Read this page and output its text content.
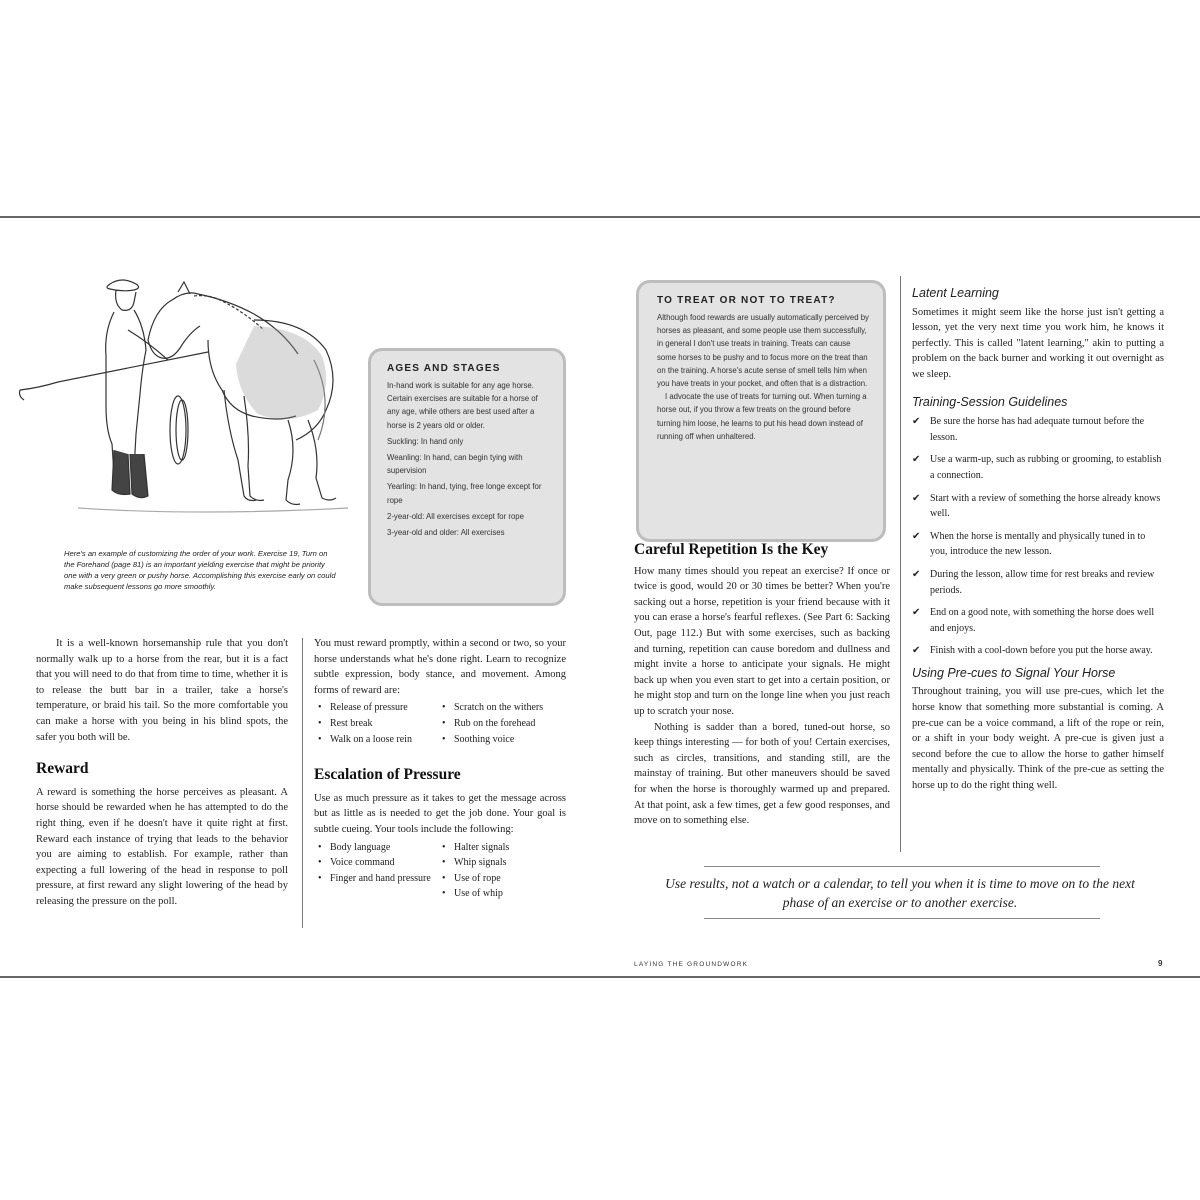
Here's an example of customizing the order of your work. Exercise 19, Turn on the Forehand (page 81) is an important yielding exercise that might be priority one with a very green or pushy horse. Accomplishing this exercise early on could make subsequent lessons go more smoothly.
AGES AND STAGES
In-hand work is suitable for any age horse. Certain exercises are suitable for a horse of any age, while others are best used after a horse is 2 years old or older.
Suckling: In hand only
Weanling: In hand, can begin tying with supervision
Yearling: In hand, tying, free longe except for rope
2-year-old: All exercises except for rope
3-year-old and older: All exercises

It is a well-known horsemanship rule that you don't normally walk up to a horse from the rear, but it is a fact that you will need to do that from time to time, whether it is to release the butt bar in a trailer, take a horse's temperature, or braid his tail. So the more comfortable you can make a horse with you being in his blind spots, the safer you both will be.

Reward

A reward is something the horse perceives as pleasant. A horse should be rewarded when he has attempted to do the right thing, even if he doesn't have it quite right at first. Reward each instance of trying that leads to the behavior you are aiming to establish. For example, rather than expecting a full lowering of the head in response to poll pressure, at first reward any slight lowering of the head by releasing the pressure on the poll.

You must reward promptly, within a second or two, so your horse understands what he's done right. Learn to recognize subtle expression, body stance, and movement. Among forms of reward are:

• Release of pressure
• Rest break
• Walk on a loose rein
• Scratch on the withers
• Rub on the forehead
• Soothing voice
Escalation of Pressure

Use as much pressure as it takes to get the message across but as little as is needed to get the job done. Your goal is subtle cueing. Your tools include the following:

• Body language
• Voice command
• Finger and hand pressure
• Halter signals
• Whip signals
• Use of rope
• Use of whip
TO TREAT OR NOT TO TREAT?
Although food rewards are usually automatically perceived by horses as pleasant, and some people use them successfully, in general I don't use treats in training. Treats can cause some horses to be pushy and to focus more on the treat than on the training. A horse's acute sense of smell tells him when you have treats in your pocket, and often that is a distraction.
I advocate the use of treats for turning out. When turning a horse out, if you throw a few treats on the ground before turning him loose, he learns to put his head down instead of running off when unhaltered.
Careful Repetition Is the Key

How many times should you repeat an exercise? If once or twice is good, would 20 or 30 times be better? When you're sacking out a horse, repetition is your friend because with it you can erase a horse's fearful reflexes. (See Part 6: Sacking Out, page 112.) But with some exercises, such as backing and turning, repetition can cause boredom and dullness and might invite a horse to anticipate your signals. He might back up when you even start to get into a certain position, or he might stop and turn on the longe line when you just reach up to scratch your nose.

Nothing is sadder than a bored, tuned-out horse, so keep things interesting — for both of you! Certain exercises, such as circles, transitions, and standing still, are the mainstay of training. But other maneuvers should be saved for when the horse is thoroughly warmed up and prepared. At that point, ask a few times, get a few good responses, and move on to something else.

Latent Learning

Sometimes it might seem like the horse just isn't getting a lesson, yet the very next time you work him, he knows it perfectly. This is called "latent learning," akin to putting a problem on the back burner and working it out overnight as we sleep.

Training-Session Guidelines
✔ Be sure the horse has had adequate turnout before the lesson.
✔ Use a warm-up, such as rubbing or grooming, to establish a connection.
✔ Start with a review of something the horse already knows well.
✔ When the horse is mentally and physically tuned in to you, introduce the new lesson.
✔ During the lesson, allow time for rest breaks and review periods.
✔ End on a good note, with something the horse does well and enjoys.
✔ Finish with a cool-down before you put the horse away.
Using Pre-cues to Signal Your Horse

Throughout training, you will use pre-cues, which let the horse know that something more substantial is coming. A pre-cue can be a voice command, a lift of the rope or rein, or a shift in your body weight. A pre-cue is given just a second before the cue to allow the horse to gather himself mentally and physically. Think of the pre-cue as setting the horse up to do the right thing well.

Use results, not a watch or a calendar, to tell you when it is time to move on to the next phase of an exercise or to another exercise.
LAYING THE GROUNDWORK	9
